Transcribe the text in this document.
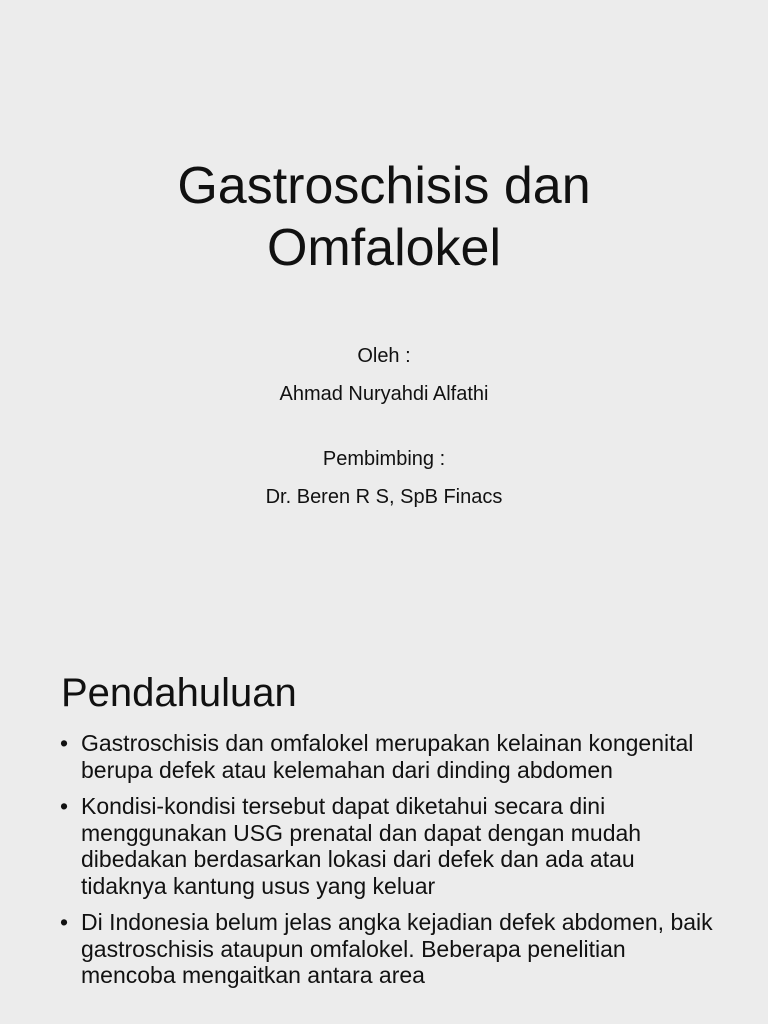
Gastroschisis dan
Omfalokel

Oleh :

Ahmad Nuryahdi Alfathi

Pembimbing :

Dr. Beren R S, SpB Finacs

Pendahuluan
• Gastroschisis dan omfalokel merupakan kelainan kongenital berupa defek atau kelemahan dari dinding abdomen
• Kondisi-kondisi tersebut dapat diketahui secara dini menggunakan USG prenatal dan dapat dengan mudah dibedakan berdasarkan lokasi dari defek dan ada atau tidaknya kantung usus yang keluar
• Di Indonesia belum jelas angka kejadian defek abdomen, baik gastroschisis ataupun omfalokel. Beberapa penelitian mencoba mengaitkan antara area
